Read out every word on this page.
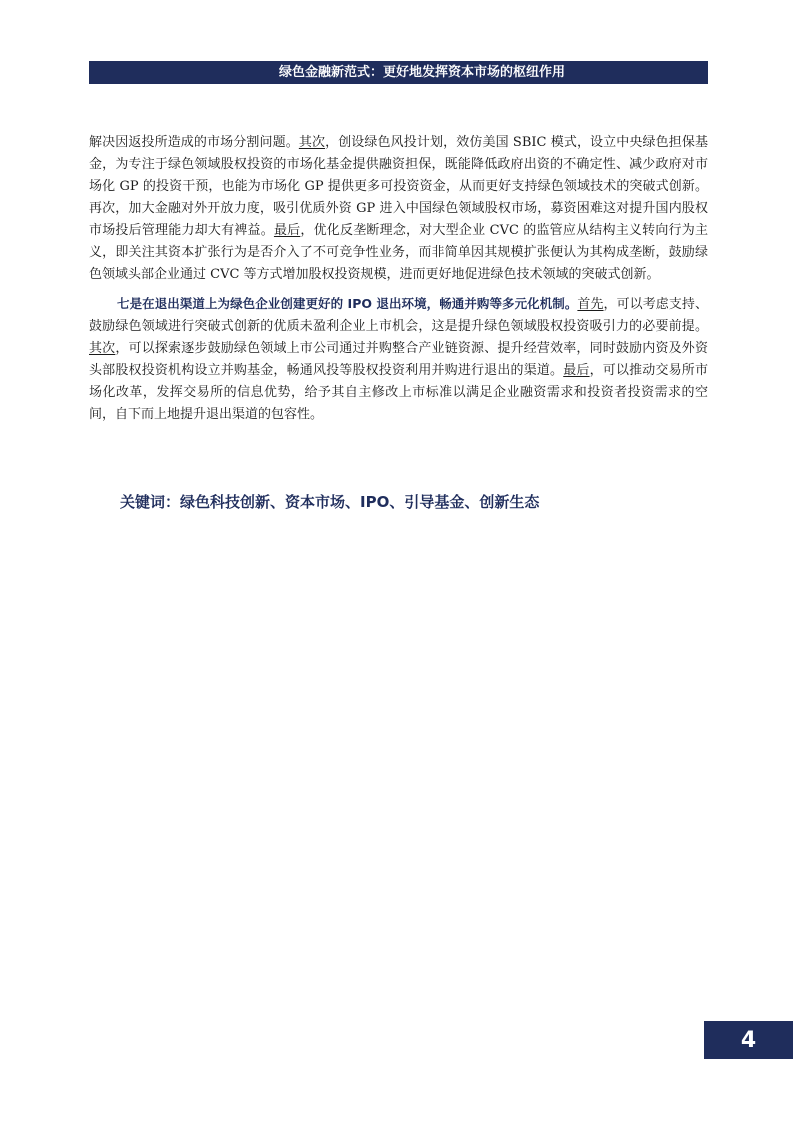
绿色金融新范式：更好地发挥资本市场的枢纽作用

解决因返投所造成的市场分割问题。其次，创设绿色风投计划，效仿美国 SBIC 模式，设立中央绿色担保基金，为专注于绿色领域股权投资的市场化基金提供融资担保，既能降低政府出资的不确定性、减少政府对市场化 GP 的投资干预，也能为市场化 GP 提供更多可投资资金，从而更好支持绿色领域技术的突破式创新。再次，加大金融对外开放力度，吸引优质外资 GP 进入中国绿色领域股权市场，募资困难这对提升国内股权市场投后管理能力却大有裨益。最后，优化反垄断理念，对大型企业 CVC 的监管应从结构主义转向行为主义，即关注其资本扩张行为是否介入了不可竞争性业务，而非简单因其规模扩张便认为其构成垄断，鼓励绿色领域头部企业通过 CVC 等方式增加股权投资规模，进而更好地促进绿色技术领域的突破式创新。

七是在退出渠道上为绿色企业创建更好的 IPO 退出环境，畅通并购等多元化机制。首先，可以考虑支持、鼓励绿色领域进行突破式创新的优质未盈利企业上市机会，这是提升绿色领域股权投资吸引力的必要前提。其次，可以探索逐步鼓励绿色领域上市公司通过并购整合产业链资源、提升经营效率，同时鼓励内资及外资头部股权投资机构设立并购基金，畅通风投等股权投资利用并购进行退出的渠道。最后，可以推动交易所市场化改革，发挥交易所的信息优势，给予其自主修改上市标准以满足企业融资需求和投资者投资需求的空间，自下而上地提升退出渠道的包容性。

关键词：绿色科技创新、资本市场、IPO、引导基金、创新生态
4
